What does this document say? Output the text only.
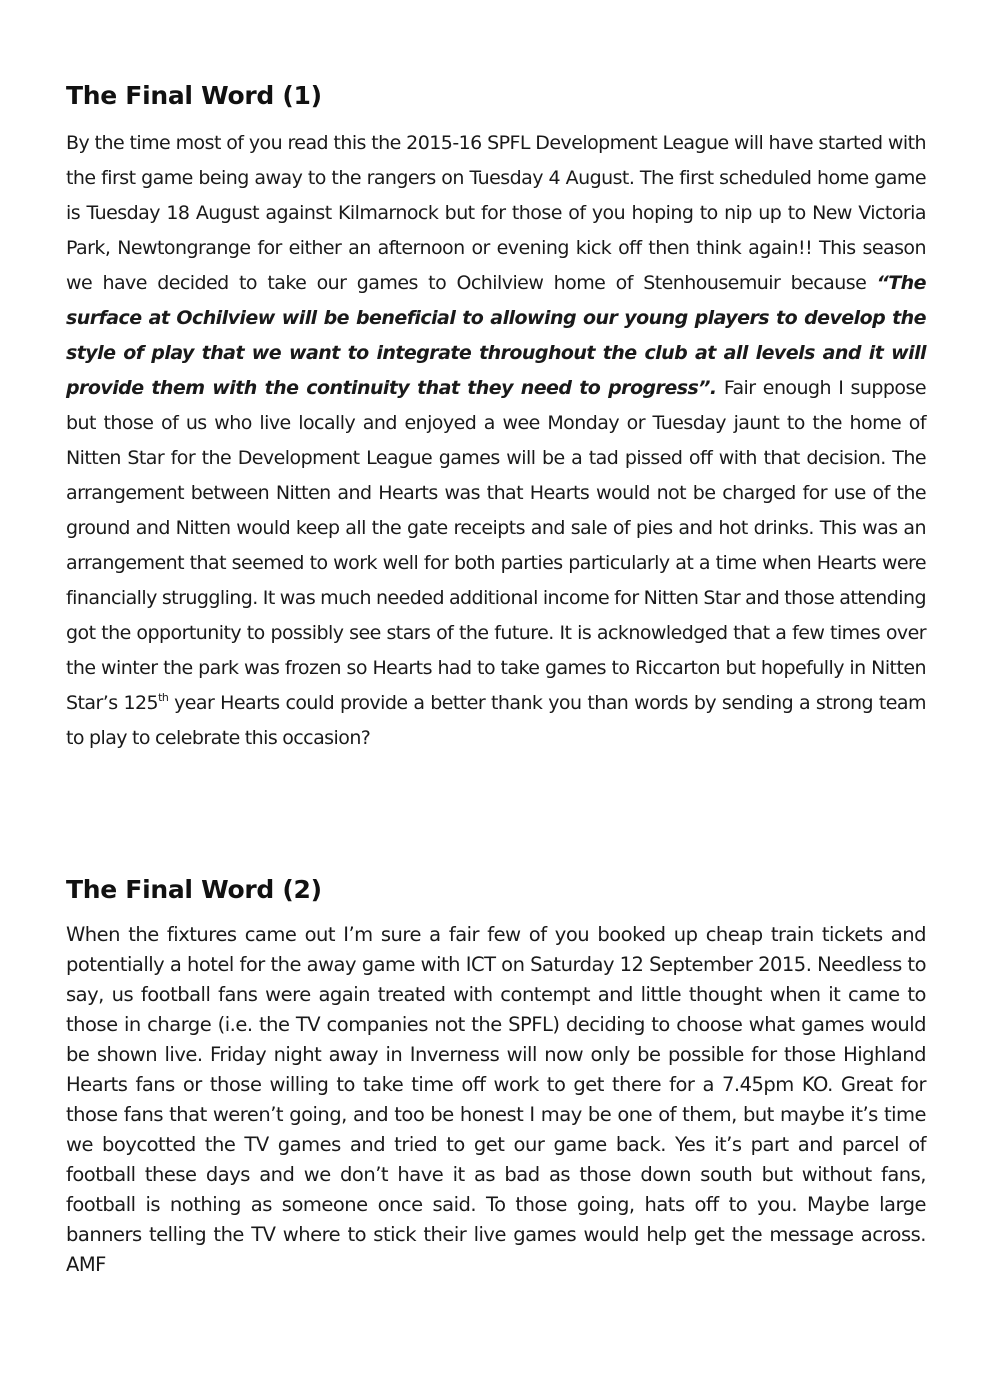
The Final Word (1)

By the time most of you read this the 2015-16 SPFL Development League will have started with the first game being away to the rangers on Tuesday 4 August. The first scheduled home game is Tuesday 18 August against Kilmarnock but for those of you hoping to nip up to New Victoria Park, Newtongrange for either an afternoon or evening kick off then think again!! This season we have decided to take our games to Ochilview home of Stenhousemuir because “The surface at Ochilview will be beneficial to allowing our young players to develop the style of play that we want to integrate throughout the club at all levels and it will provide them with the continuity that they need to progress”. Fair enough I suppose but those of us who live locally and enjoyed a wee Monday or Tuesday jaunt to the home of Nitten Star for the Development League games will be a tad pissed off with that decision. The arrangement between Nitten and Hearts was that Hearts would not be charged for use of the ground and Nitten would keep all the gate receipts and sale of pies and hot drinks. This was an arrangement that seemed to work well for both parties particularly at a time when Hearts were financially struggling. It was much needed additional income for Nitten Star and those attending got the opportunity to possibly see stars of the future. It is acknowledged that a few times over the winter the park was frozen so Hearts had to take games to Riccarton but hopefully in Nitten Star’s 125th year Hearts could provide a better thank you than words by sending a strong team to play to celebrate this occasion?

The Final Word (2)

When the fixtures came out I’m sure a fair few of you booked up cheap train tickets and potentially a hotel for the away game with ICT on Saturday 12 September 2015. Needless to say, us football fans were again treated with contempt and little thought when it came to those in charge (i.e. the TV companies not the SPFL) deciding to choose what games would be shown live. Friday night away in Inverness will now only be possible for those Highland Hearts fans or those willing to take time off work to get there for a 7.45pm KO. Great for those fans that weren’t going, and too be honest I may be one of them, but maybe it’s time we boycotted the TV games and tried to get our game back. Yes it’s part and parcel of football these days and we don’t have it as bad as those down south but without fans, football is nothing as someone once said. To those going, hats off to you. Maybe large banners telling the TV where to stick their live games would help get the message across. AMF
